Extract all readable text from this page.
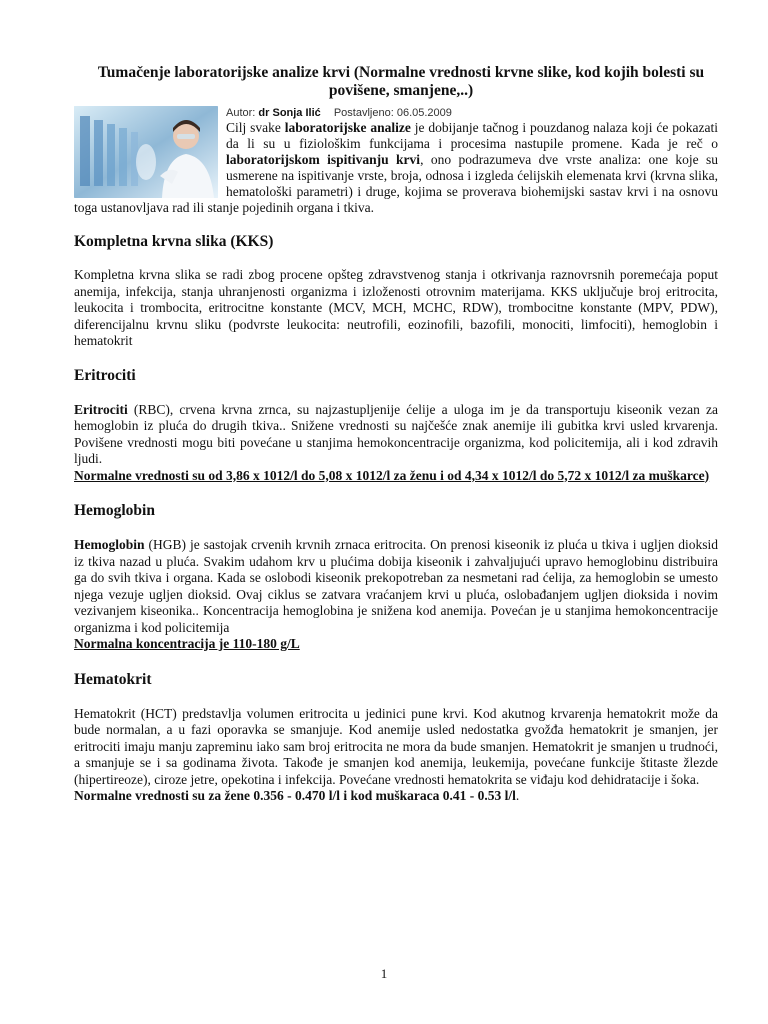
Tumačenje laboratorijske analize krvi (Normalne vrednosti krvne slike, kod kojih bolesti su povišene, smanjene,..)
Autor: dr Sonja Ilić Postavljeno: 06.05.2009
Cilj svake laboratorijske analize je dobijanje tačnog i pouzdanog nalaza koji će pokazati da li su u fiziološkim funkcijama i procesima nastupile promene. Kada je reč o laboratorijskom ispitivanju krvi, ono podrazumeva dve vrste analiza: one koje su usmerene na ispitivanje vrste, broja, odnosa i izgleda ćelijskih elemenata krvi (krvna slika, hematološki parametri) i druge, kojima se proverava biohemijski sastav krvi i na osnovu toga ustanovljava rad ili stanje pojedinih organa i tkiva.
Kompletna krvna slika (KKS)

Kompletna krvna slika se radi zbog procene opšteg zdravstvenog stanja i otkrivanja raznovrsnih poremećaja poput anemija, infekcija, stanja uhranjenosti organizma i izloženosti otrovnim materijama. KKS uključuje broj eritrocita, leukocita i trombocita, eritrocitne konstante (MCV, MCH, MCHC, RDW), trombocitne konstante (MPV, PDW), diferencijalnu krvnu sliku (podvrste leukocita: neutrofili, eozinofili, bazofili, monociti, limfociti), hemoglobin i hematokrit

Eritrociti

Eritrociti (RBC), crvena krvna zrnca, su najzastupljenije ćelije a uloga im je da transportuju kiseonik vezan za hemoglobin iz pluća do drugih tkiva.. Snižene vrednosti su najčešće znak anemije ili gubitka krvi usled krvarenja. Povišene vrednosti mogu biti povećane u stanjima hemokoncentracije organizma, kod policitemija, ali i kod zdravih ljudi.

Normalne vrednosti su od 3,86 x 1012/l do 5,08 x 1012/l za ženu i od 4,34 x 1012/l do 5,72 x 1012/l za muškarce)

Hemoglobin

Hemoglobin (HGB) je sastojak crvenih krvnih zrnaca eritrocita. On prenosi kiseonik iz pluća u tkiva i ugljen dioksid iz tkiva nazad u pluća. Svakim udahom krv u plućima dobija kiseonik i zahvaljujući upravo hemoglobinu distribuira ga do svih tkiva i organa. Kada se oslobodi kiseonik prekopotreban za nesmetani rad ćelija, za hemoglobin se umesto njega vezuje ugljen dioksid. Ovaj ciklus se zatvara vraćanjem krvi u pluća, oslobađanjem ugljen dioksida i novim vezivanjem kiseonika.. Koncentracija hemoglobina je snižena kod anemija. Povećan je u stanjima hemokoncentracije organizma i kod policitemija

Normalna koncentracija je 110-180 g/L

Hematokrit

Hematokrit (HCT) predstavlja volumen eritrocita u jedinici pune krvi. Kod akutnog krvarenja hematokrit može da bude normalan, a u fazi oporavka se smanjuje. Kod anemije usled nedostatka gvožđa hematokrit je smanjen, jer eritrociti imaju manju zapreminu iako sam broj eritrocita ne mora da bude smanjen. Hematokrit je smanjen u trudnoći, a smanjuje se i sa godinama života. Takođe je smanjen kod anemija, leukemija, povećane funkcije štitaste žlezde (hipertireoze), ciroze jetre, opekotina i infekcija. Povećane vrednosti hematokrita se viđaju kod dehidratacije i šoka.

Normalne vrednosti su za žene 0.356 - 0.470 l/l i kod muškaraca 0.41 - 0.53 l/l.

1
